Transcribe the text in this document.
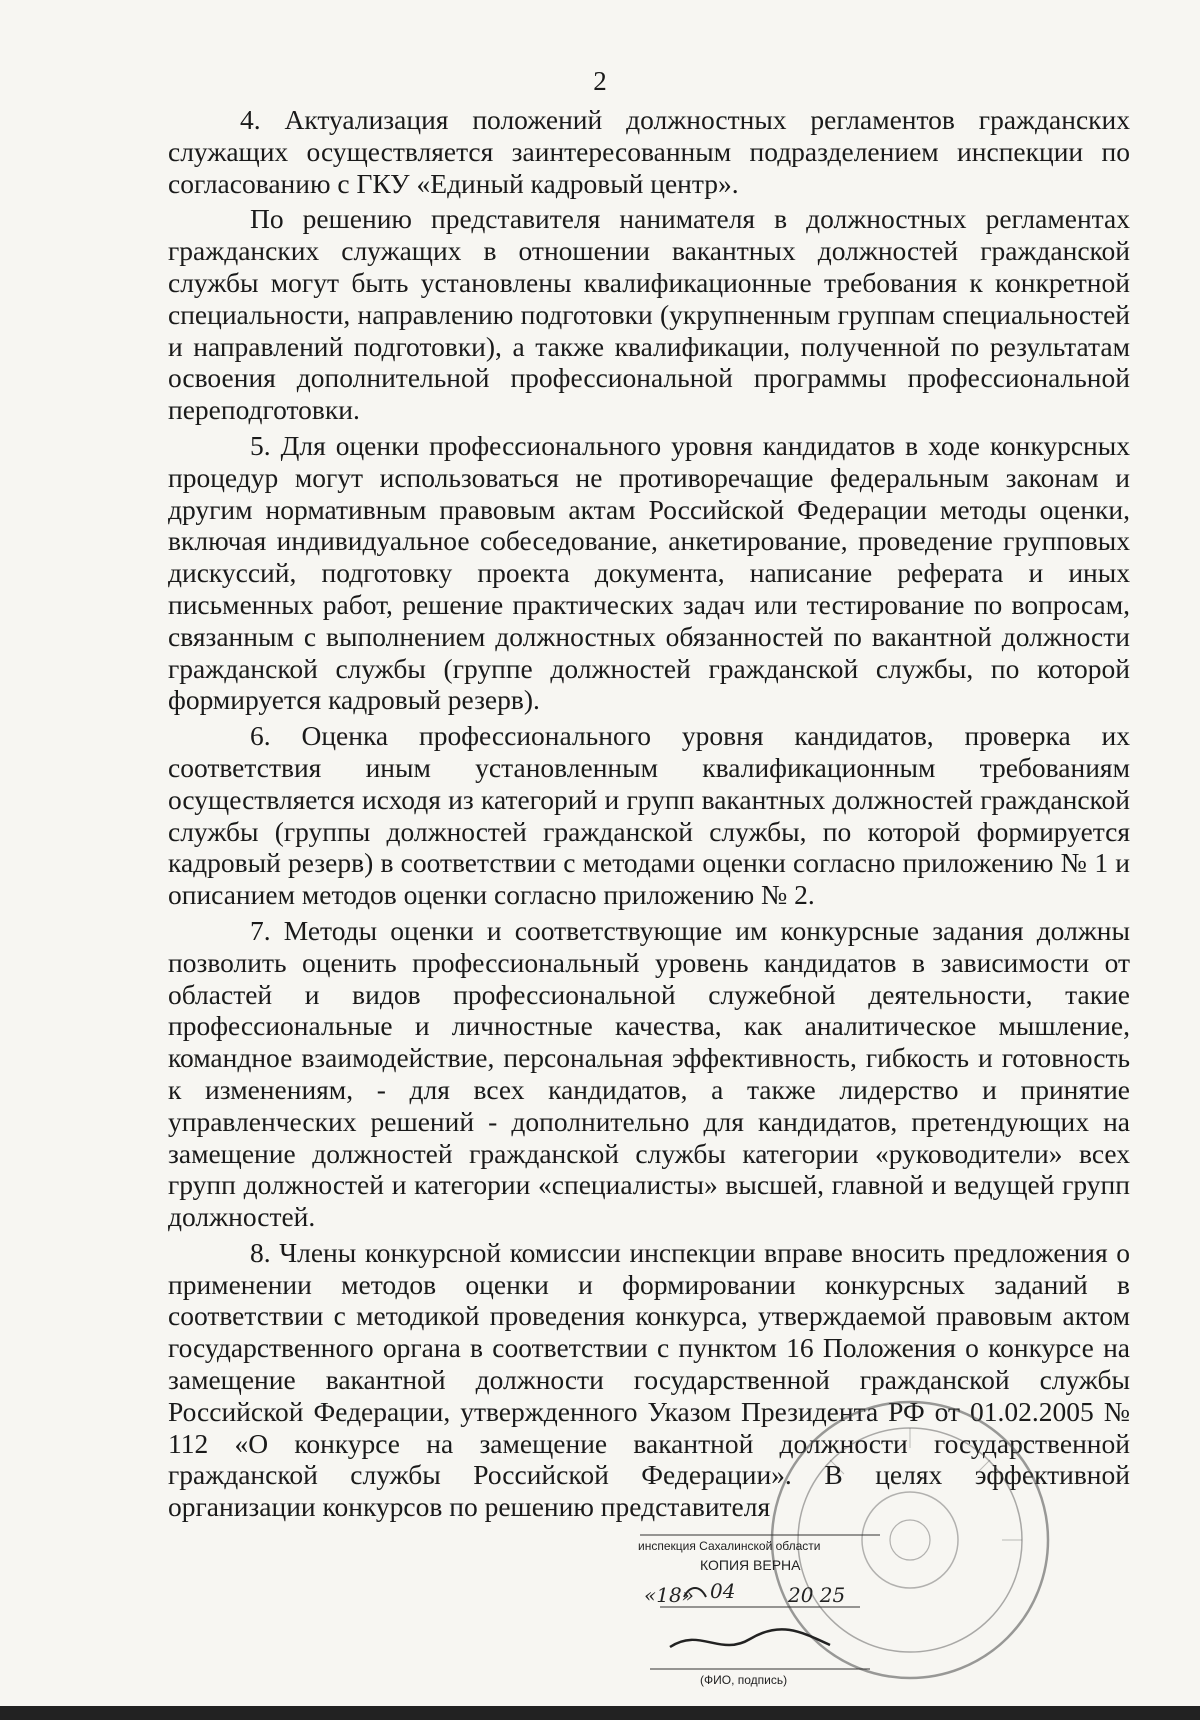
2

4. Актуализация положений должностных регламентов гражданских служащих осуществляется заинтересованным подразделением инспекции по согласованию с ГКУ «Единый кадровый центр».

По решению представителя нанимателя в должностных регламентах гражданских служащих в отношении вакантных должностей гражданской службы могут быть установлены квалификационные требования к конкретной специальности, направлению подготовки (укрупненным группам специальностей и направлений подготовки), а также квалификации, полученной по результатам освоения дополнительной профессиональной программы профессиональной переподготовки.

5. Для оценки профессионального уровня кандидатов в ходе конкурсных процедур могут использоваться не противоречащие федеральным законам и другим нормативным правовым актам Российской Федерации методы оценки, включая индивидуальное собеседование, анкетирование, проведение групповых дискуссий, подготовку проекта документа, написание реферата и иных письменных работ, решение практических задач или тестирование по вопросам, связанным с выполнением должностных обязанностей по вакантной должности гражданской службы (группе должностей гражданской службы, по которой формируется кадровый резерв).

6. Оценка профессионального уровня кандидатов, проверка их соответствия иным установленным квалификационным требованиям осуществляется исходя из категорий и групп вакантных должностей гражданской службы (группы должностей гражданской службы, по которой формируется кадровый резерв) в соответствии с методами оценки согласно приложению № 1 и описанием методов оценки согласно приложению № 2.

7. Методы оценки и соответствующие им конкурсные задания должны позволить оценить профессиональный уровень кандидатов в зависимости от областей и видов профессиональной служебной деятельности, такие профессиональные и личностные качества, как аналитическое мышление, командное взаимодействие, персональная эффективность, гибкость и готовность к изменениям, - для всех кандидатов, а также лидерство и принятие управленческих решений - дополнительно для кандидатов, претендующих на замещение должностей гражданской службы категории «руководители» всех групп должностей и категории «специалисты» высшей, главной и ведущей групп должностей.

8. Члены конкурсной комиссии инспекции вправе вносить предложения о применении методов оценки и формировании конкурсных заданий в соответствии с методикой проведения конкурса, утверждаемой правовым актом государственного органа в соответствии с пунктом 16 Положения о конкурсе на замещение вакантной должности государственной гражданской службы Российской Федерации, утвержденного Указом Президента РФ от 01.02.2005 № 112 «О конкурсе на замещение вакантной должности государственной гражданской службы Российской Федерации». В целях эффективной организации конкурсов по решению представителя

инспекция Сахалинской области
КОПИЯ ВЕРНА
«18» 04	20 25
(ФИО, подпись)
